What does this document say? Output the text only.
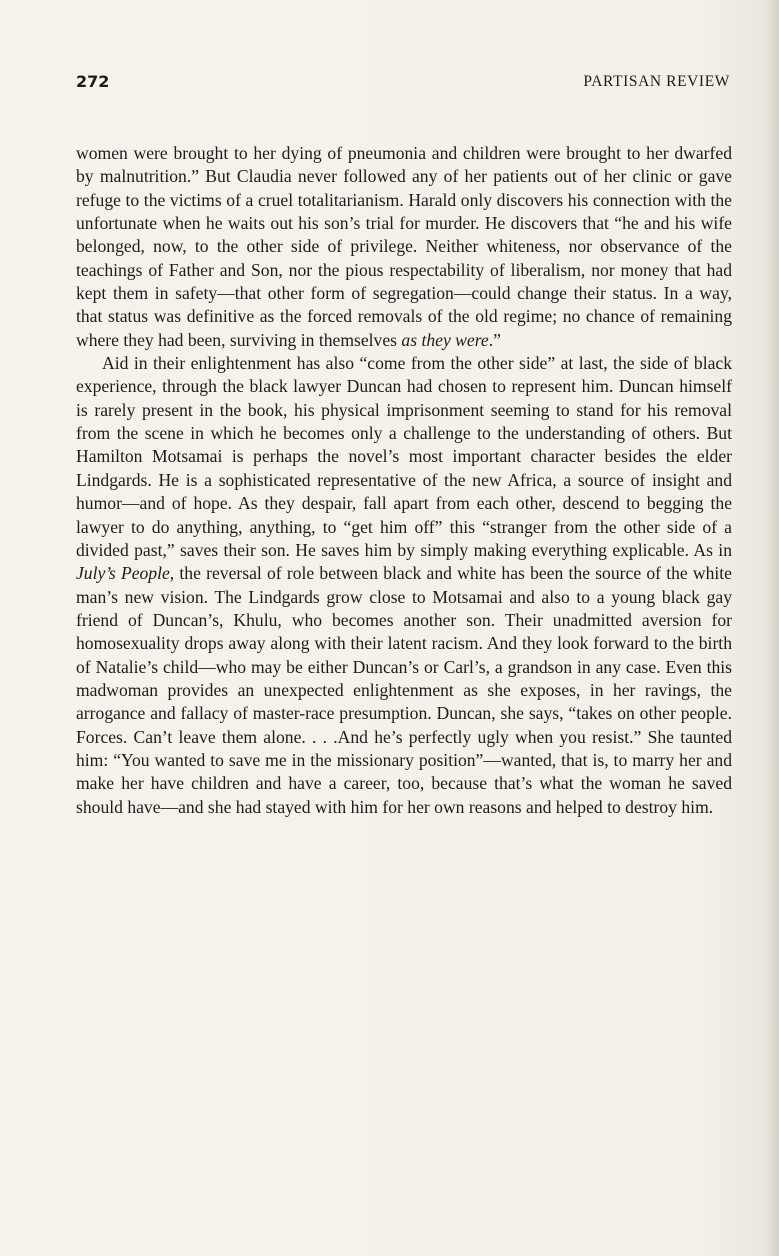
272	PARTISAN REVIEW

women were brought to her dying of pneumonia and children were brought to her dwarfed by malnutrition.” But Claudia never followed any of her patients out of her clinic or gave refuge to the victims of a cruel totalitarianism. Harald only discovers his connection with the unfortunate when he waits out his son’s trial for murder. He discovers that “he and his wife belonged, now, to the other side of privilege. Neither whiteness, nor observance of the teachings of Father and Son, nor the pious respectability of liberalism, nor money that had kept them in safety—that other form of segregation—could change their status. In a way, that status was definitive as the forced removals of the old regime; no chance of remaining where they had been, surviving in themselves as they were.”

Aid in their enlightenment has also “come from the other side” at last, the side of black experience, through the black lawyer Duncan had chosen to represent him. Duncan himself is rarely present in the book, his physical imprisonment seeming to stand for his removal from the scene in which he becomes only a challenge to the understanding of others. But Hamilton Motsamai is perhaps the novel’s most important character besides the elder Lindgards. He is a sophisticated representative of the new Africa, a source of insight and humor—and of hope. As they despair, fall apart from each other, descend to begging the lawyer to do anything, anything, to “get him off” this “stranger from the other side of a divided past,” saves their son. He saves him by simply making everything explicable. As in July’s People, the reversal of role between black and white has been the source of the white man’s new vision. The Lindgards grow close to Motsamai and also to a young black gay friend of Duncan’s, Khulu, who becomes another son. Their unadmitted aversion for homosexuality drops away along with their latent racism. And they look forward to the birth of Natalie’s child—who may be either Duncan’s or Carl’s, a grandson in any case. Even this madwoman provides an unexpected enlightenment as she exposes, in her ravings, the arrogance and fallacy of master-race presumption. Duncan, she says, “takes on other people. Forces. Can’t leave them alone. . . .And he’s perfectly ugly when you resist.” She taunted him: “You wanted to save me in the missionary position”—wanted, that is, to marry her and make her have children and have a career, too, because that’s what the woman he saved should have—and she had stayed with him for her own reasons and helped to destroy him.
